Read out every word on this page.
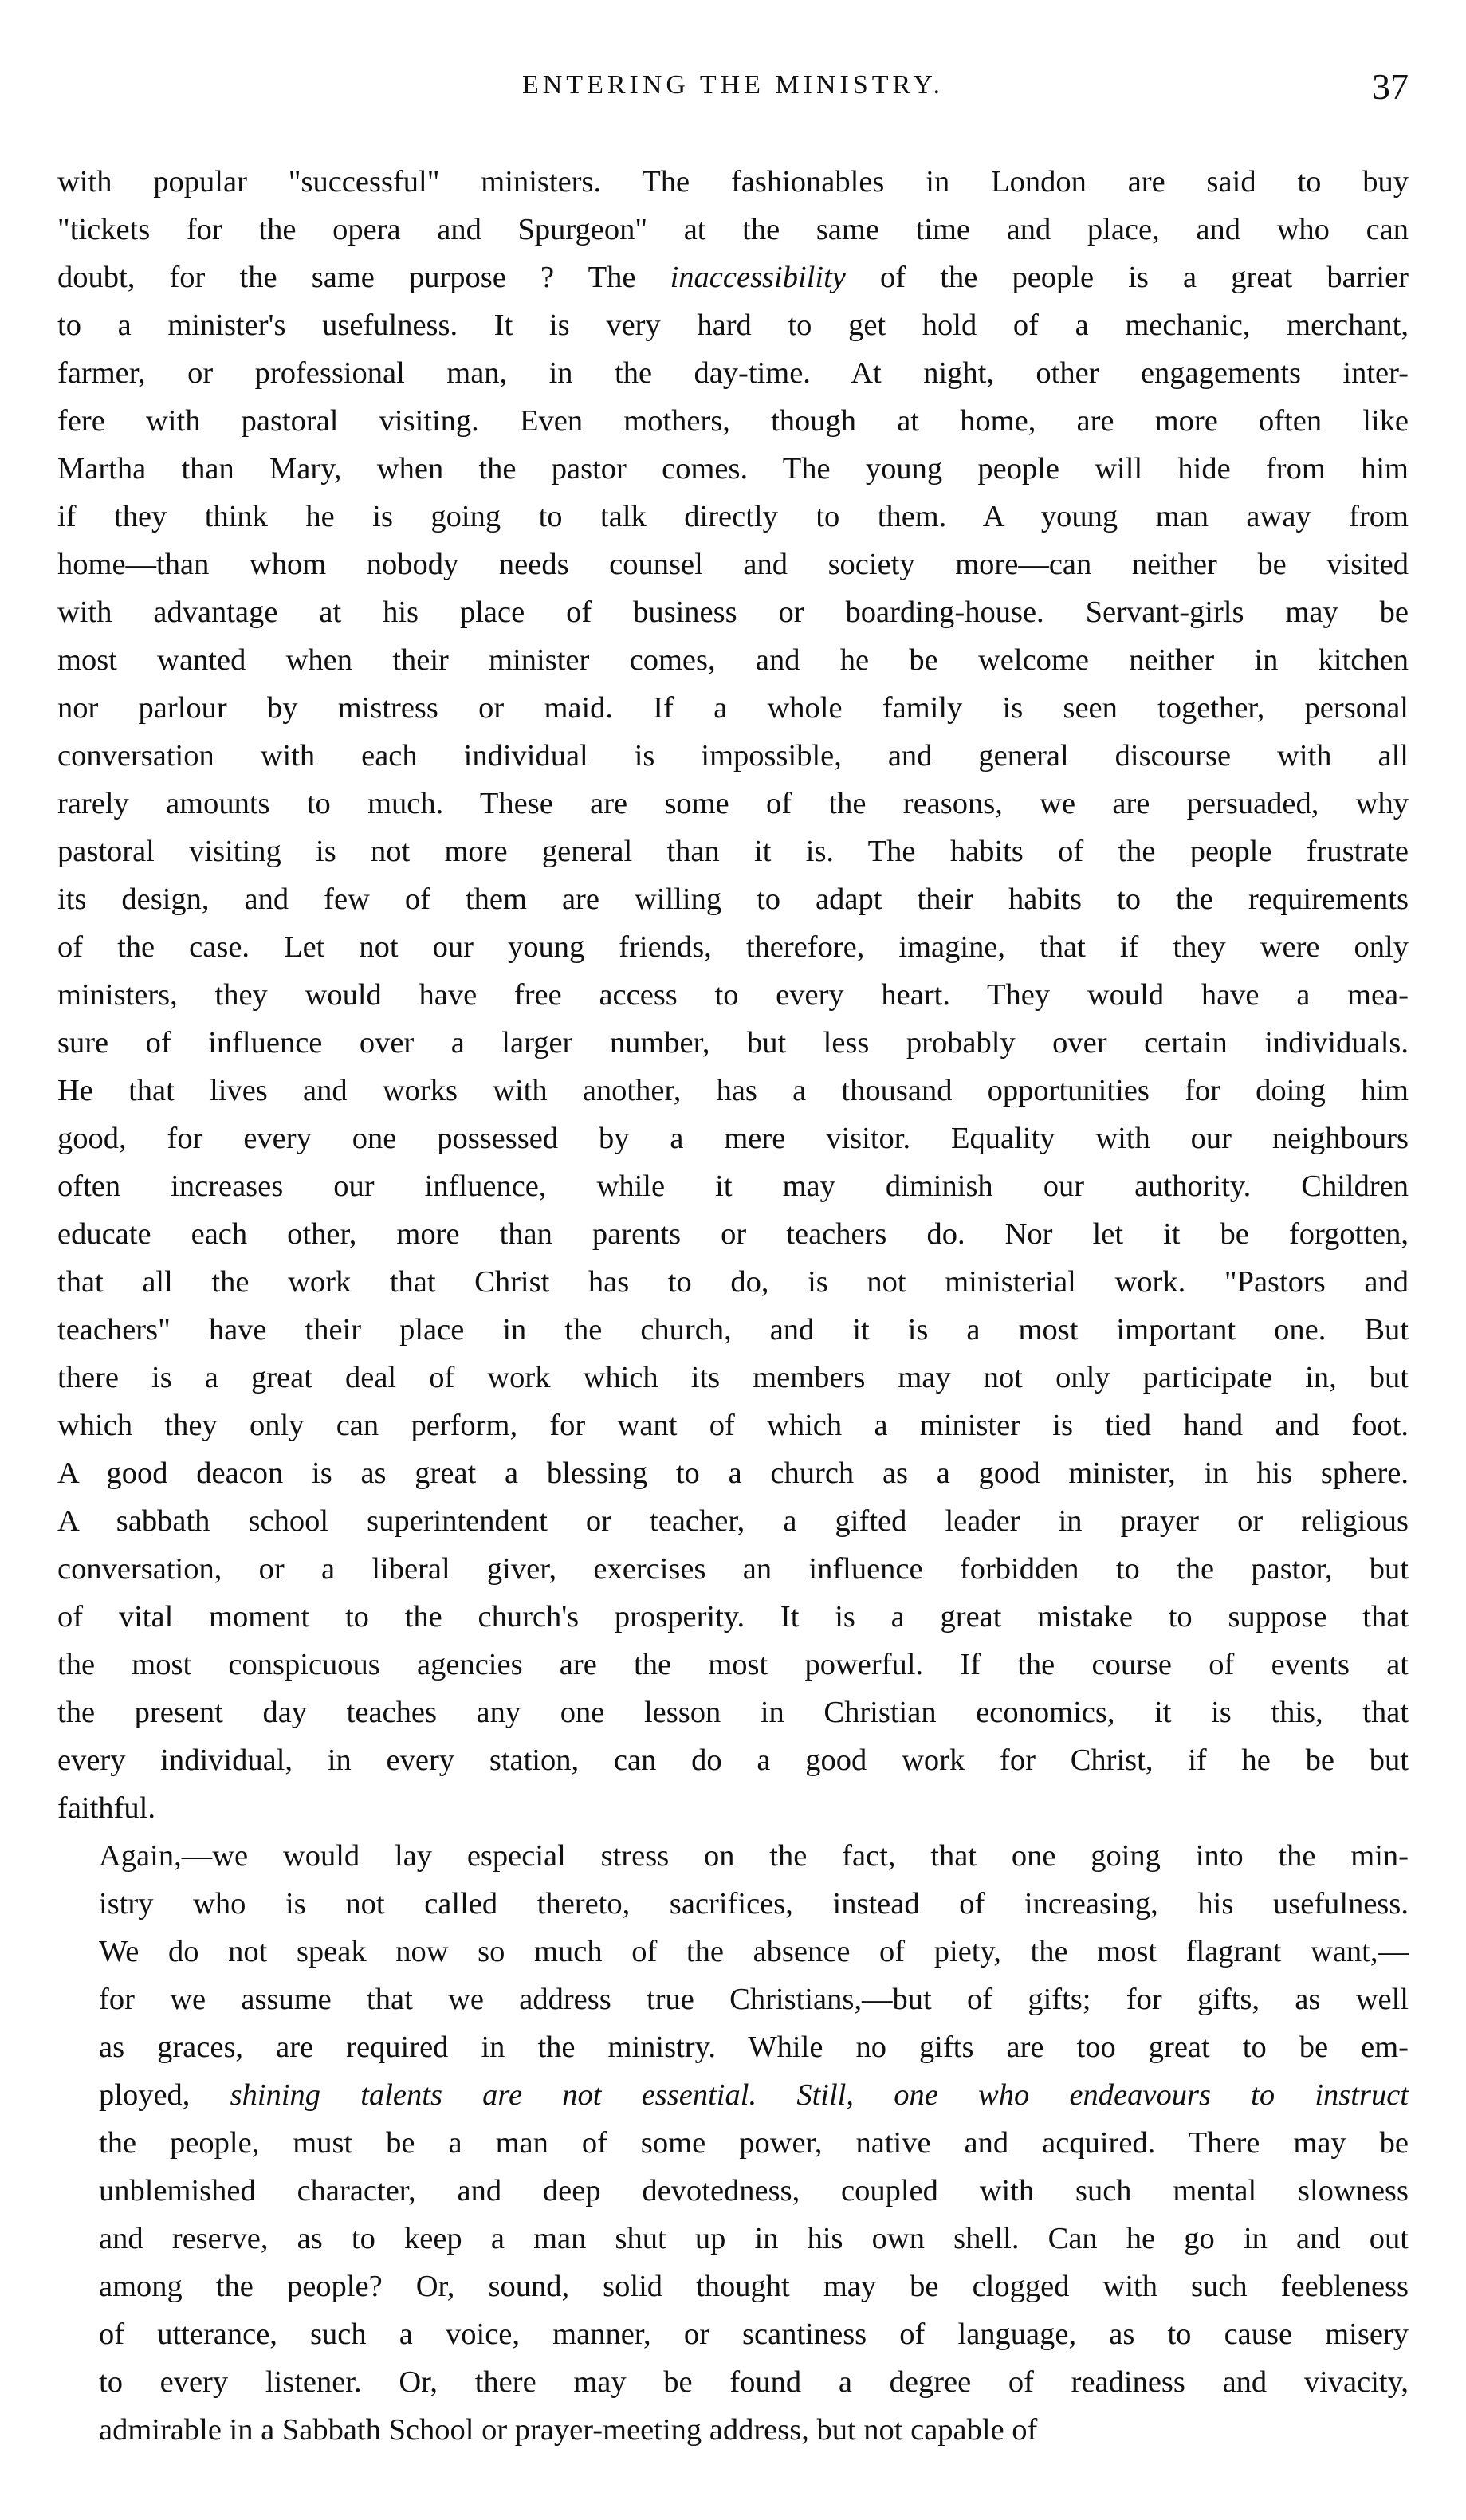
ENTERING THE MINISTRY.	37

with popular "successful" ministers. The fashionables in London are said to buy
"tickets for the opera and Spurgeon" at the same time and place, and who can
doubt, for the same purpose ? The inaccessibility of the people is a great barrier
to a minister's usefulness. It is very hard to get hold of a mechanic, merchant,
farmer, or professional man, in the day-time. At night, other engagements inter-
fere with pastoral visiting. Even mothers, though at home, are more often like
Martha than Mary, when the pastor comes. The young people will hide from him
if they think he is going to talk directly to them. A young man away from
home—than whom nobody needs counsel and society more—can neither be visited
with advantage at his place of business or boarding-house. Servant-girls may be
most wanted when their minister comes, and he be welcome neither in kitchen
nor parlour by mistress or maid. If a whole family is seen together, personal
conversation with each individual is impossible, and general discourse with all
rarely amounts to much. These are some of the reasons, we are persuaded, why
pastoral visiting is not more general than it is. The habits of the people frustrate
its design, and few of them are willing to adapt their habits to the requirements
of the case. Let not our young friends, therefore, imagine, that if they were only
ministers, they would have free access to every heart. They would have a mea-
sure of influence over a larger number, but less probably over certain individuals.
He that lives and works with another, has a thousand opportunities for doing him
good, for every one possessed by a mere visitor. Equality with our neighbours
often increases our influence, while it may diminish our authority. Children
educate each other, more than parents or teachers do. Nor let it be forgotten,
that all the work that Christ has to do, is not ministerial work. "Pastors and
teachers" have their place in the church, and it is a most important one. But
there is a great deal of work which its members may not only participate in, but
which they only can perform, for want of which a minister is tied hand and foot.
A good deacon is as great a blessing to a church as a good minister, in his sphere.
A sabbath school superintendent or teacher, a gifted leader in prayer or religious
conversation, or a liberal giver, exercises an influence forbidden to the pastor, but
of vital moment to the church's prosperity. It is a great mistake to suppose that
the most conspicuous agencies are the most powerful. If the course of events at
the present day teaches any one lesson in Christian economics, it is this, that
every individual, in every station, can do a good work for Christ, if he be but
faithful.

Again,—we would lay especial stress on the fact, that one going into the min-
istry who is not called thereto, sacrifices, instead of increasing, his usefulness.
We do not speak now so much of the absence of piety, the most flagrant want,—
for we assume that we address true Christians,—but of gifts; for gifts, as well
as graces, are required in the ministry. While no gifts are too great to be em-
ployed, shining talents are not essential. Still, one who endeavours to instruct
the people, must be a man of some power, native and acquired. There may be
unblemished character, and deep devotedness, coupled with such mental slowness
and reserve, as to keep a man shut up in his own shell. Can he go in and out
among the people? Or, sound, solid thought may be clogged with such feebleness
of utterance, such a voice, manner, or scantiness of language, as to cause misery
to every listener. Or, there may be found a degree of readiness and vivacity,
admirable in a Sabbath School or prayer-meeting address, but not capable of
